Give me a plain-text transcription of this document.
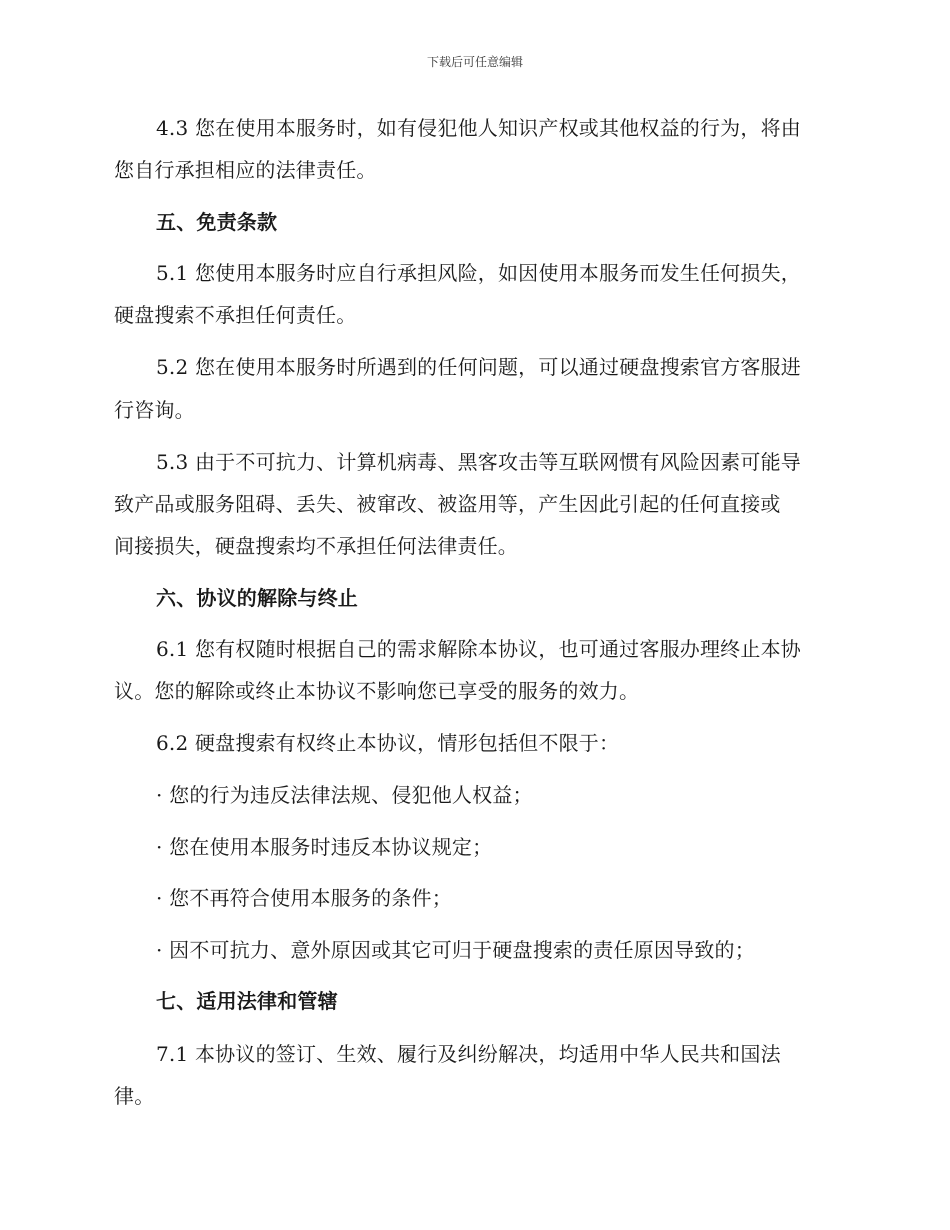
下载后可任意编辑
4.3 您在使用本服务时，如有侵犯他人知识产权或其他权益的行为，将由
您自行承担相应的法律责任。
五、免责条款
5.1 您使用本服务时应自行承担风险，如因使用本服务而发生任何损失，
硬盘搜索不承担任何责任。
5.2 您在使用本服务时所遇到的任何问题，可以通过硬盘搜索官方客服进
行咨询。
5.3 由于不可抗力、计算机病毒、黑客攻击等互联网惯有风险因素可能导
致产品或服务阻碍、丢失、被窜改、被盗用等，产生因此引起的任何直接或
间接损失，硬盘搜索均不承担任何法律责任。
六、协议的解除与终止
6.1 您有权随时根据自己的需求解除本协议，也可通过客服办理终止本协
议。您的解除或终止本协议不影响您已享受的服务的效力。
6.2 硬盘搜索有权终止本协议，情形包括但不限于：
· 您的行为违反法律法规、侵犯他人权益；
· 您在使用本服务时违反本协议规定；
· 您不再符合使用本服务的条件；
· 因不可抗力、意外原因或其它可归于硬盘搜索的责任原因导致的；
七、适用法律和管辖
7.1 本协议的签订、生效、履行及纠纷解决，均适用中华人民共和国法
律。
